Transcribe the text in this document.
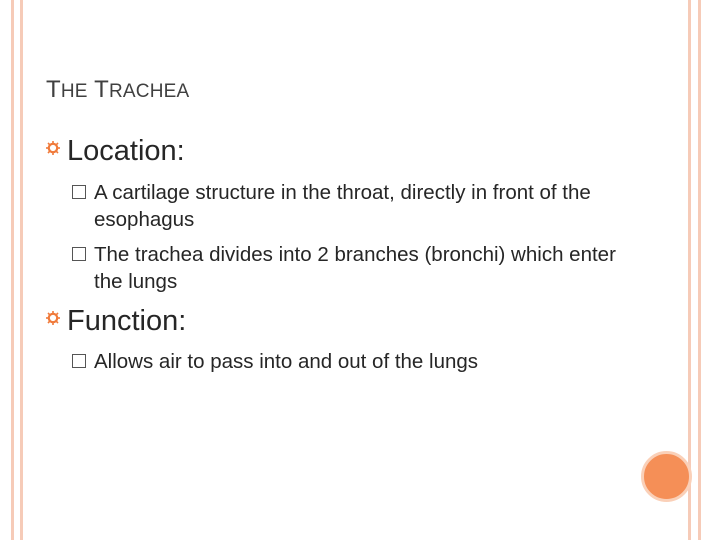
THE TRACHEA
Location:
A cartilage structure in the throat, directly in front of the esophagus
The trachea divides into 2 branches (bronchi) which enter the lungs
Function:
Allows air to pass into and out of the lungs
